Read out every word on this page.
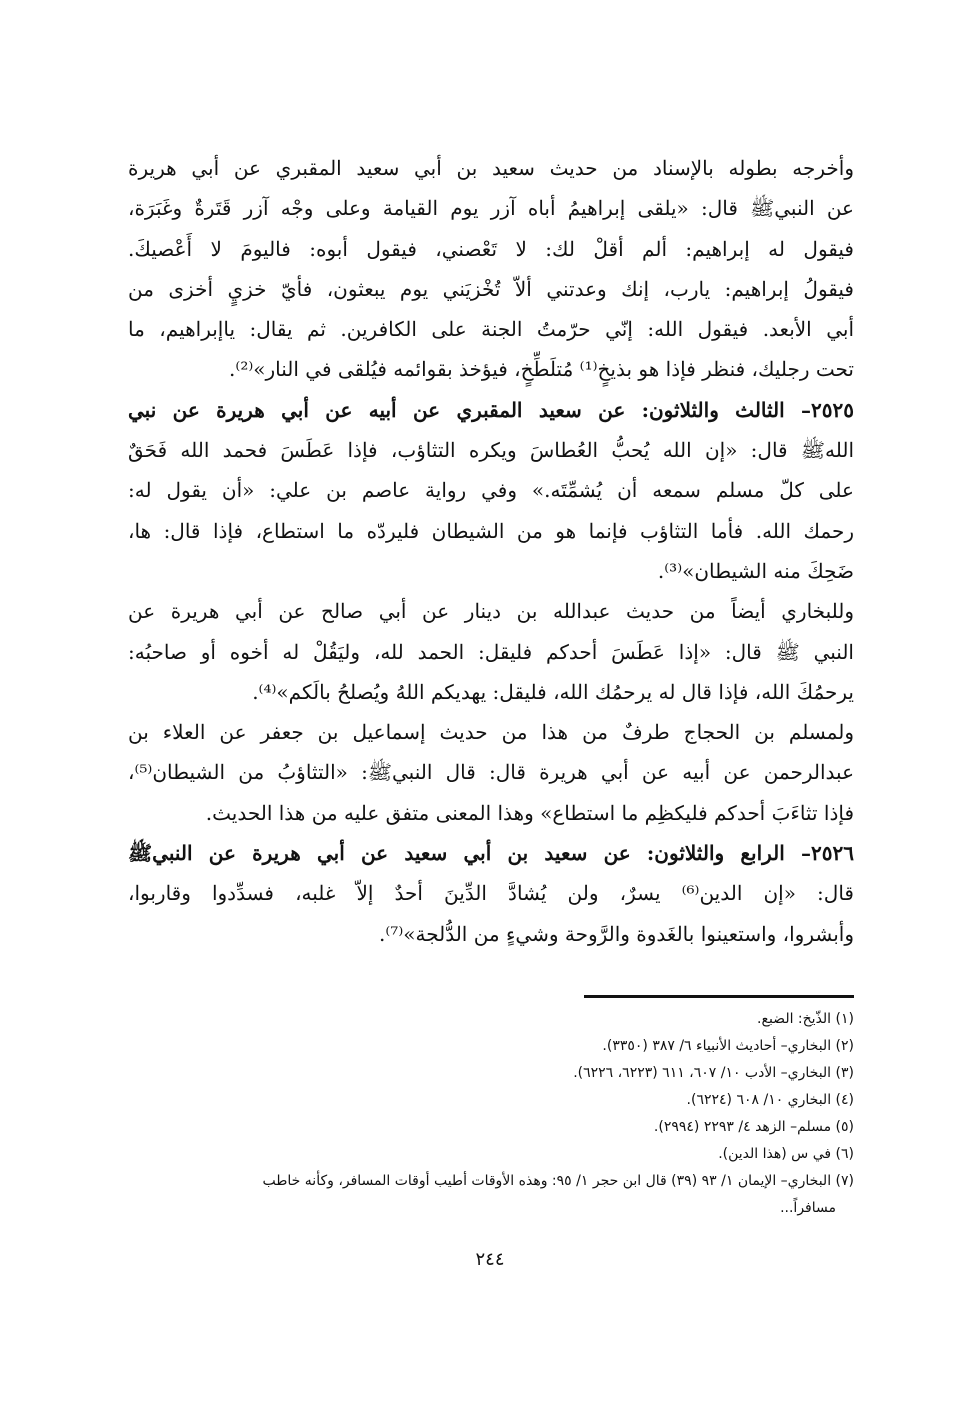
وأخرجه بطوله بالإسناد من حديث سعيد بن أبي سعيد المقبري عن أبي هريرة
عن النبيﷺ قال: «يلقى إبراهيمُ أباه آزر يوم القيامة وعلى وجْه آزر قَتَرةٌ وغَبَرَة،
فيقول له إبراهيم: ألم أقلْ لك: لا تَعْصني، فيقول أبوه: فاليومَ لا أَعْصيكَ.
فيقولُ إبراهيم: يارب، إنك وعدتني ألاّ تُخْزيَني يوم يبعثون، فأيّ خزيٍ أخزى من
أبي الأبعد. فيقول الله: إنّي حرّمتُ الجنة على الكافرين. ثم يقال: ياإبراهيم، ما
تحت رجليك، فنظر فإذا هو بذيخٍ⁽¹⁾ مُتلَطِّخٍ، فيؤخذ بقوائمه فيُلقى في النار»⁽²⁾.
٢٥٢٥– الثالث والثلاثون: عن سعيد المقبري عن أبيه عن أبي هريرة عن نبي
اللهﷺ قال: «إن الله يُحبُّ العُطاسَ ويكره التثاؤب، فإذا عَطَسَ فحمد الله فَحَقٌ
على كلّ مسلم سمعه أن يُشمِّتَه.» وفي رواية عاصم بن علي: «أن يقول له:
رحمك الله. فأما التثاؤب فإنما هو من الشيطان فليردّه ما استطاع، فإذا قال: ها،
ضَحِكَ منه الشيطان»⁽³⁾.
وللبخاري أيضاً من حديث عبدالله بن دينار عن أبي صالح عن أبي هريرة عن
النبي ﷺ قال: «إذا عَطَسَ أحدكم فليقل: الحمد لله، وليَقُلْ له أخوه أو صاحبُه:
يرحمُكَ الله، فإذا قال له يرحمُك الله، فليقل: يهديكم اللهُ ويُصلحُ بالَكم»⁽⁴⁾.
ولمسلم بن الحجاج طرفٌ من هذا من حديث إسماعيل بن جعفر عن العلاء بن
عبدالرحمن عن أبيه عن أبي هريرة قال: قال النبيﷺ: «التثاؤبُ من الشيطان⁽⁵⁾،
فإذا تثاءَبَ أحدكم فليكظِم ما استطاع» وهذا المعنى متفق عليه من هذا الحديث.
٢٥٢٦– الرابع والثلاثون: عن سعيد بن أبي سعيد عن أبي هريرة عن النبيﷺ
قال: «إن الدين⁽⁶⁾ يسرٌ، ولن يُشادَّ الدِّينَ أحدٌ إلاّ غلبه، فسدِّدوا وقاربوا،
وأبشروا، واستعينوا بالغَدوة والرَّوحة وشيءٍ من الدُّلجة»⁽⁷⁾.
(١) الذّيخ: الضبع.
(٢) البخاري– أحاديث الأنبياء ٦/ ٣٨٧ (٣٣٥٠).
(٣) البخاري– الأدب ١٠/ ٦٠٧، ٦١١ (٦٢٢٣، ٦٢٢٦).
(٤) البخاري ١٠/ ٦٠٨ (٦٢٢٤).
(٥) مسلم– الزهد ٤/ ٢٢٩٣ (٢٩٩٤).
(٦) في س (هذا الدين).
(٧) البخاري– الإيمان ١/ ٩٣ (٣٩) قال ابن حجر ١/ ٩٥: وهذه الأوقات أطيب أوقات المسافر، وكأنه خاطب
مسافراً...
٢٤٤
